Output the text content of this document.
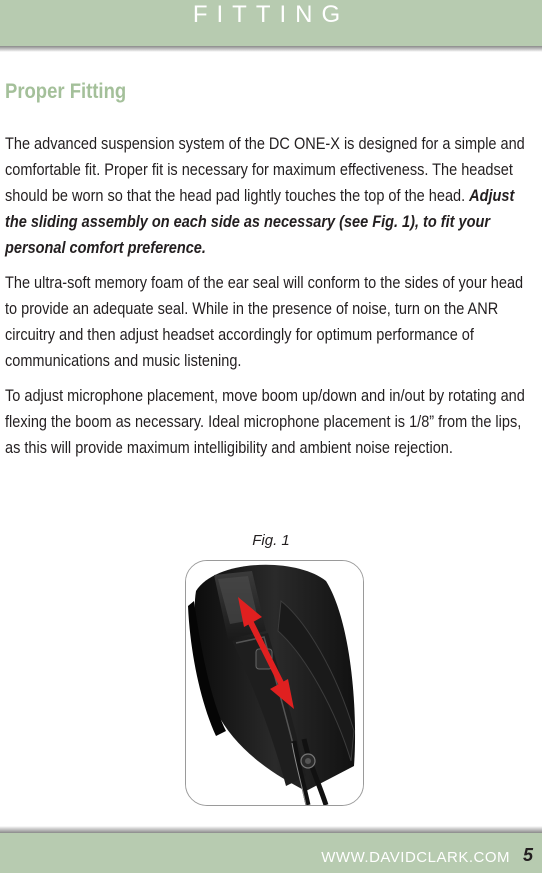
FITTING
Proper Fitting

The advanced suspension system of the DC ONE-X is designed for a simple and comfortable fit. Proper fit is necessary for maximum effectiveness. The headset should be worn so that the head pad lightly touches the top of the head. Adjust the sliding assembly on each side as necessary (see Fig. 1), to fit your personal comfort preference.

The ultra-soft memory foam of the ear seal will conform to the sides of your head to provide an adequate seal. While in the presence of noise, turn on the ANR circuitry and then adjust headset accordingly for optimum performance of communications and music listening.

To adjust microphone placement, move boom up/down and in/out by rotating and flexing the boom as necessary. Ideal microphone placement is 1/8” from the lips, as this will provide maximum intelligibility and ambient noise rejection.

Fig. 1
WWW.DAVIDCLARK.COM 5
